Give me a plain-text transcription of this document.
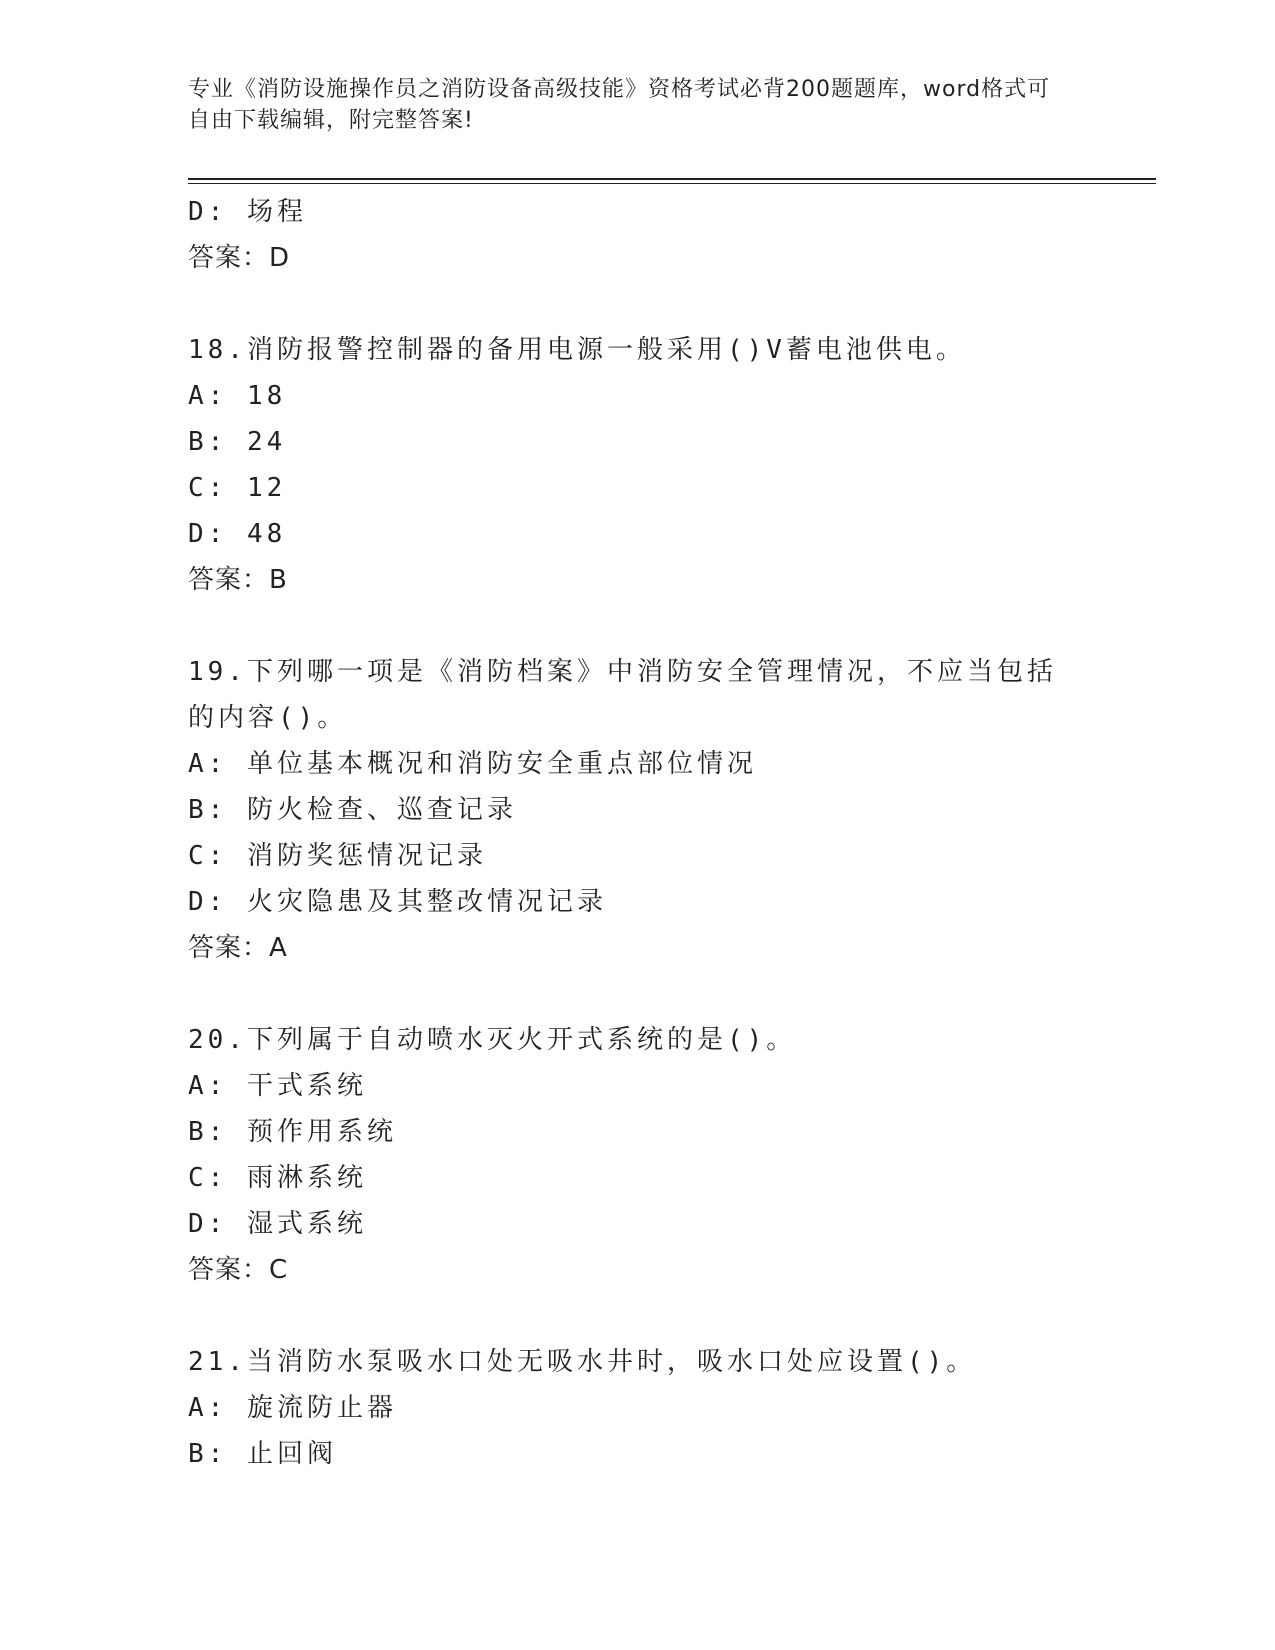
专业《消防设施操作员之消防设备高级技能》资格考试必背200题题库，word格式可自由下载编辑，附完整答案!
D: 场程
答案：D
18.消防报警控制器的备用电源一般采用()V蓄电池供电。
A: 18
B: 24
C: 12
D: 48
答案：B
19.下列哪一项是《消防档案》中消防安全管理情况，不应当包括的内容()。
A: 单位基本概况和消防安全重点部位情况
B: 防火检查、巡查记录
C: 消防奖惩情况记录
D: 火灾隐患及其整改情况记录
答案：A
20.下列属于自动喷水灭火开式系统的是()。
A: 干式系统
B: 预作用系统
C: 雨淋系统
D: 湿式系统
答案：C
21.当消防水泵吸水口处无吸水井时，吸水口处应设置()。
A: 旋流防止器
B: 止回阀
